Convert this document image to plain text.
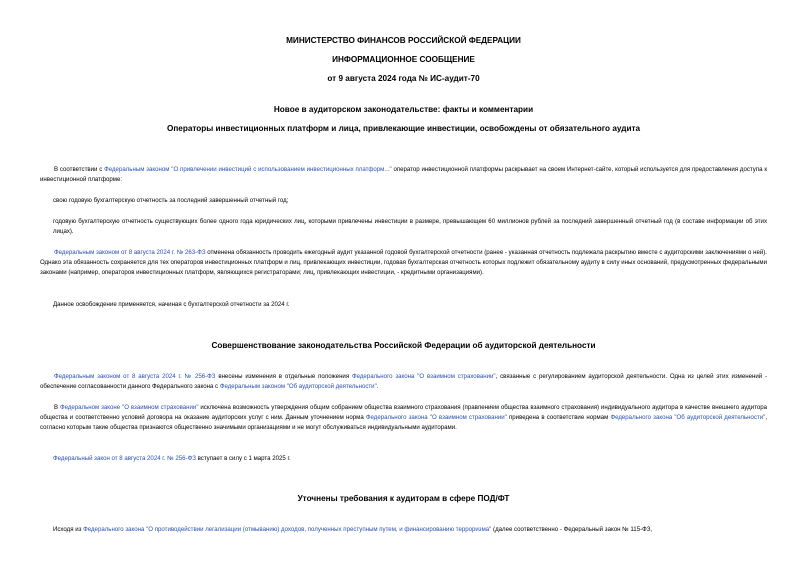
МИНИСТЕРСТВО ФИНАНСОВ РОССИЙСКОЙ ФЕДЕРАЦИИ
ИНФОРМАЦИОННОЕ СООБЩЕНИЕ
от 9 августа 2024 года № ИС-аудит-70
Новое в аудиторском законодательстве: факты и комментарии
Операторы инвестиционных платформ и лица, привлекающие инвестиции, освобождены от обязательного аудита
В соответствии с Федеральным законом "О привлечении инвестиций с использованием инвестиционных платформ..." оператор инвестиционной платформы раскрывает на своем Интернет-сайте, который используется для предоставления доступа к инвестиционной платформе:
свою годовую бухгалтерскую отчетность за последний завершенный отчетный год;
годовую бухгалтерскую отчетность существующих более одного года юридических лиц, которыми привлечены инвестиции в размере, превышающем 60 миллионов рублей за последний завершенный отчетный год (в составе информации об этих лицах).
Федеральным законом от 8 августа 2024 г. № 263-ФЗ отменена обязанность проводить ежегодный аудит указанной годовой бухгалтерской отчетности (ранее - указанная отчетность подлежала раскрытию вместе с аудиторскими заключениями о ней). Однако эта обязанность сохраняется для тех операторов инвестиционных платформ и лиц, привлекающих инвестиции, годовая бухгалтерская отчетность которых подлежит обязательному аудиту в силу иных оснований, предусмотренных федеральными законами (например, операторов инвестиционных платформ, являющихся регистраторами; лиц, привлекающих инвестиции, - кредитными организациями).
Данное освобождение применяется, начиная с бухгалтерской отчетности за 2024 г.
Совершенствование законодательства Российской Федерации об аудиторской деятельности
Федеральным законом от 8 августа 2024 г. № 256-ФЗ внесены изменения в отдельные положения Федерального закона "О взаимном страховании", связанные с регулированием аудиторской деятельности. Одна из целей этих изменений - обеспечение согласованности данного Федерального закона с Федеральным законом "Об аудиторской деятельности".
В Федеральном законе "О взаимном страховании" исключена возможность утверждения общим собранием общества взаимного страхования (правлением общества взаимного страхования) индивидуального аудитора в качестве внешнего аудитора общества и соответственно условий договора на оказание аудиторских услуг с ним. Данным уточнением норма Федерального закона "О взаимном страховании" приведена в соответствие нормам Федерального закона "Об аудиторской деятельности", согласно которым такие общества признаются общественно значимыми организациями и не могут обслуживаться индивидуальными аудиторами.
Федеральный закон от 8 августа 2024 г. № 256-ФЗ вступает в силу с 1 марта 2025 г.
Уточнены требования к аудиторам в сфере ПОД/ФТ
Исходя из Федерального закона "О противодействии легализации (отмыванию) доходов, полученных преступным путем, и финансированию терроризма" (далее соответственно - Федеральный закон № 115-ФЗ,
